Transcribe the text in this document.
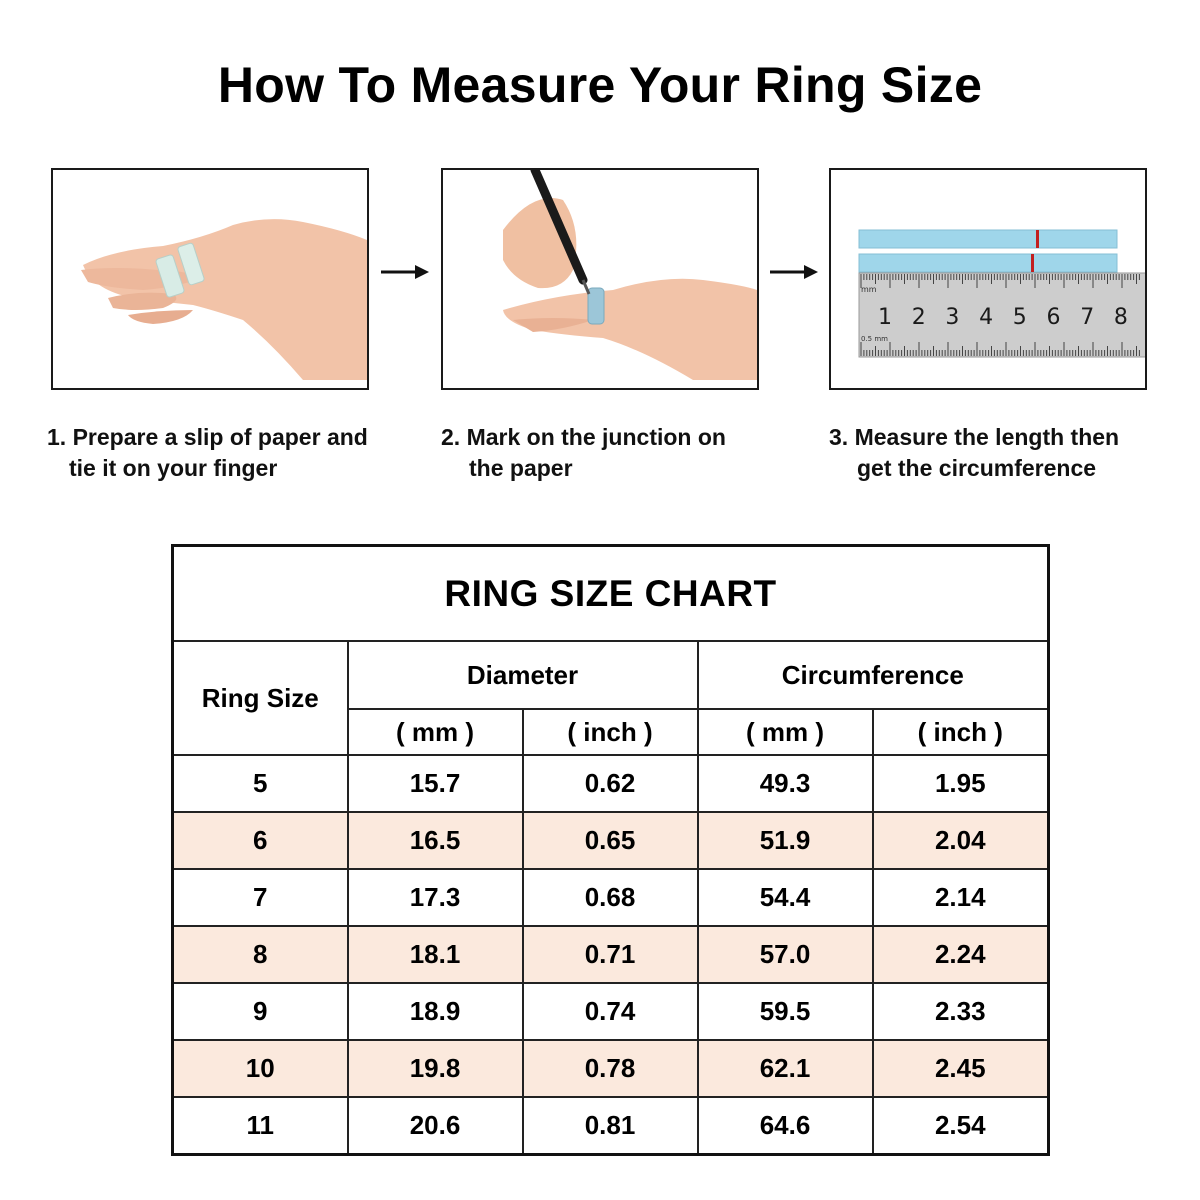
How To Measure Your Ring Size
mm
0.5 mm
1 2 3 4 5 6 7 8
1. Prepare a slip of paper and
tie it on your finger
2. Mark on the junction on
the paper
3. Measure the length then
get the circumference
RING SIZE CHART				
Ring Size	Diameter		Circumference	
	( mm )	( inch )	( mm )	( inch )
5	15.7	0.62	49.3	1.95
6	16.5	0.65	51.9	2.04
7	17.3	0.68	54.4	2.14
8	18.1	0.71	57.0	2.24
9	18.9	0.74	59.5	2.33
10	19.8	0.78	62.1	2.45
11	20.6	0.81	64.6	2.54
